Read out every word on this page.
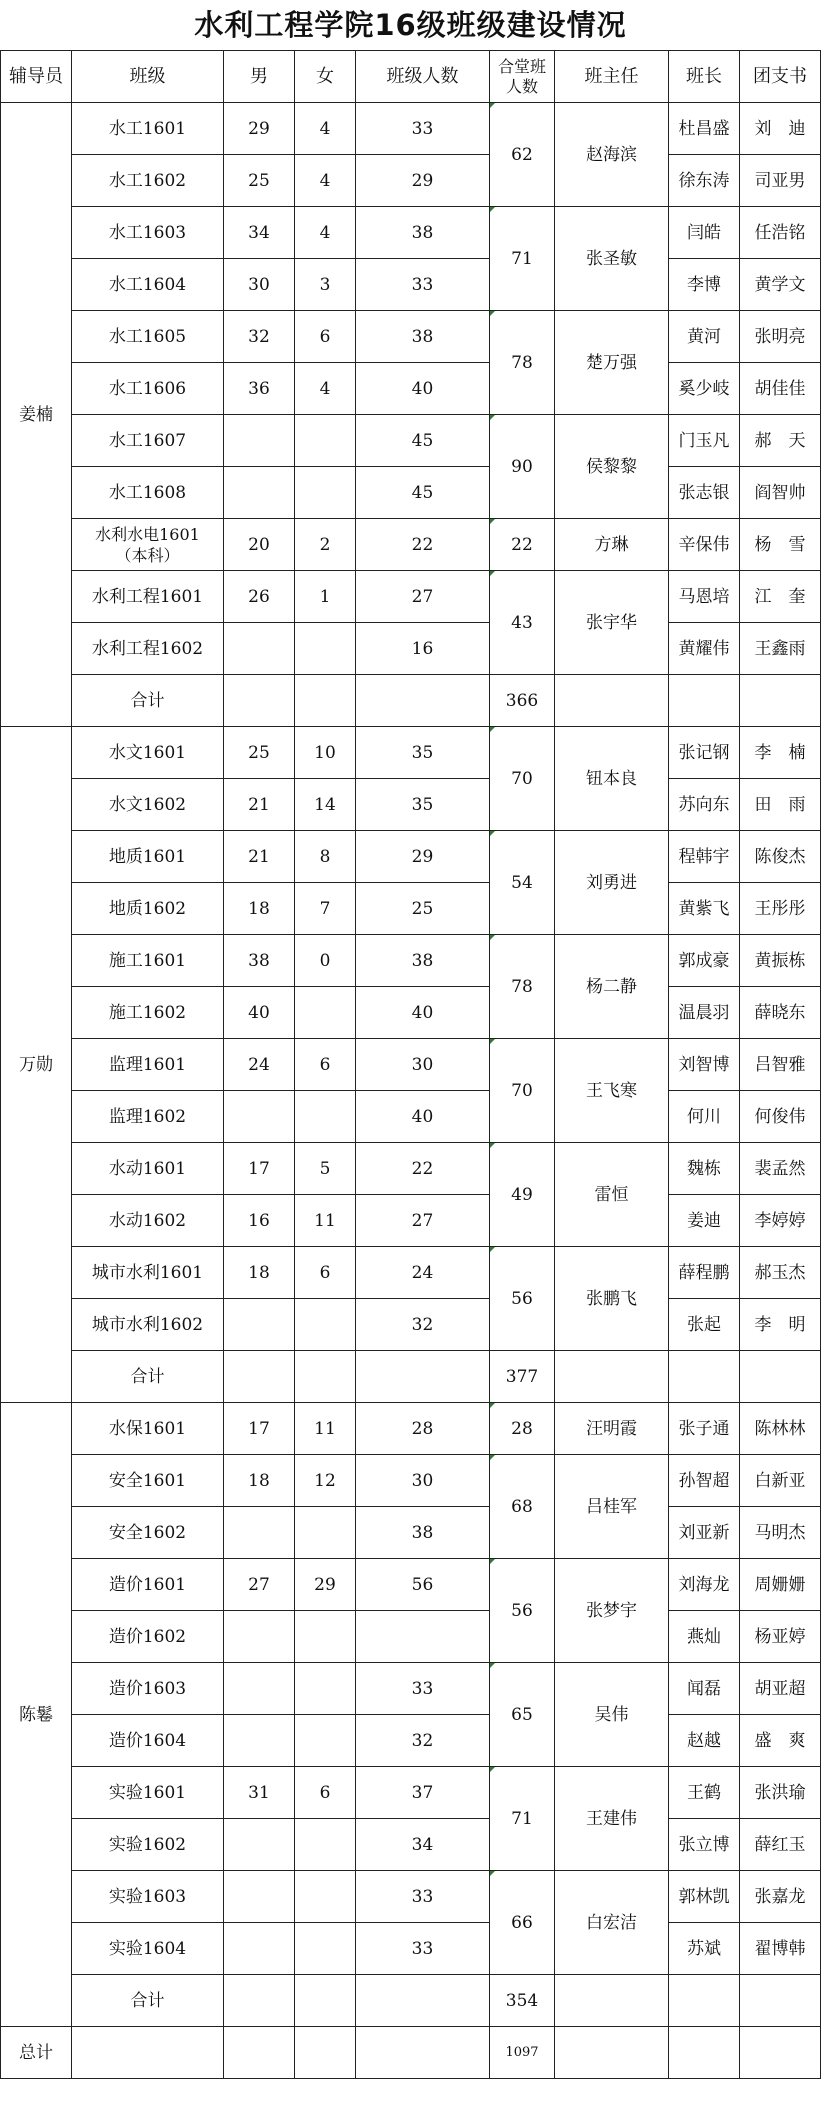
水利工程学院16级班级建设情况
辅导员	班级	男	女	班级人数	合堂班
人数	班主任	班长	团支书
姜楠	水工1601	29	4	33	62	赵海滨	杜昌盛	刘　迪
	水工1602	25	4	29			徐东涛	司亚男
	水工1603	34	4	38	71	张圣敏	闫皓	任浩铭
	水工1604	30	3	33			李博	黄学文
	水工1605	32	6	38	78	楚万强	黄河	张明亮
	水工1606	36	4	40			奚少岐	胡佳佳
	水工1607			45	90	侯黎黎	门玉凡	郝　天
	水工1608			45			张志银	阎智帅
	水利水电1601
（本科）	20	2	22	22	方琳	辛保伟	杨　雪
	水利工程1601	26	1	27	43	张宇华	马恩培	江　奎
	水利工程1602			16			黄耀伟	王鑫雨
	合计				366			
万勋	水文1601	25	10	35	70	钮本良	张记钢	李　楠
	水文1602	21	14	35			苏向东	田　雨
	地质1601	21	8	29	54	刘勇进	程韩宇	陈俊杰
	地质1602	18	7	25			黄紫飞	王彤彤
	施工1601	38	0	38	78	杨二静	郭成豪	黄振栋
	施工1602	40		40			温晨羽	薛晓东
	监理1601	24	6	30	70	王飞寒	刘智博	吕智雅
	监理1602			40			何川	何俊伟
	水动1601	17	5	22	49	雷恒	魏栋	裴孟然
	水动1602	16	11	27			姜迪	李婷婷
	城市水利1601	18	6	24	56	张鹏飞	薛程鹏	郝玉杰
	城市水利1602			32			张起	李　明
	合计				377			
陈鬈	水保1601	17	11	28	28	汪明霞	张子通	陈林林
	安全1601	18	12	30	68	吕桂军	孙智超	白新亚
	安全1602			38			刘亚新	马明杰
	造价1601	27	29	56	56	张梦宇	刘海龙	周姗姗
	造价1602						燕灿	杨亚婷
	造价1603			33	65	吴伟	闻磊	胡亚超
	造价1604			32			赵越	盛　爽
	实验1601	31	6	37	71	王建伟	王鹤	张洪瑜
	实验1602			34			张立博	薛红玉
	实验1603			33	66	白宏洁	郭林凯	张嘉龙
	实验1604			33			苏斌	翟博韩
	合计				354			
总计					1097			
